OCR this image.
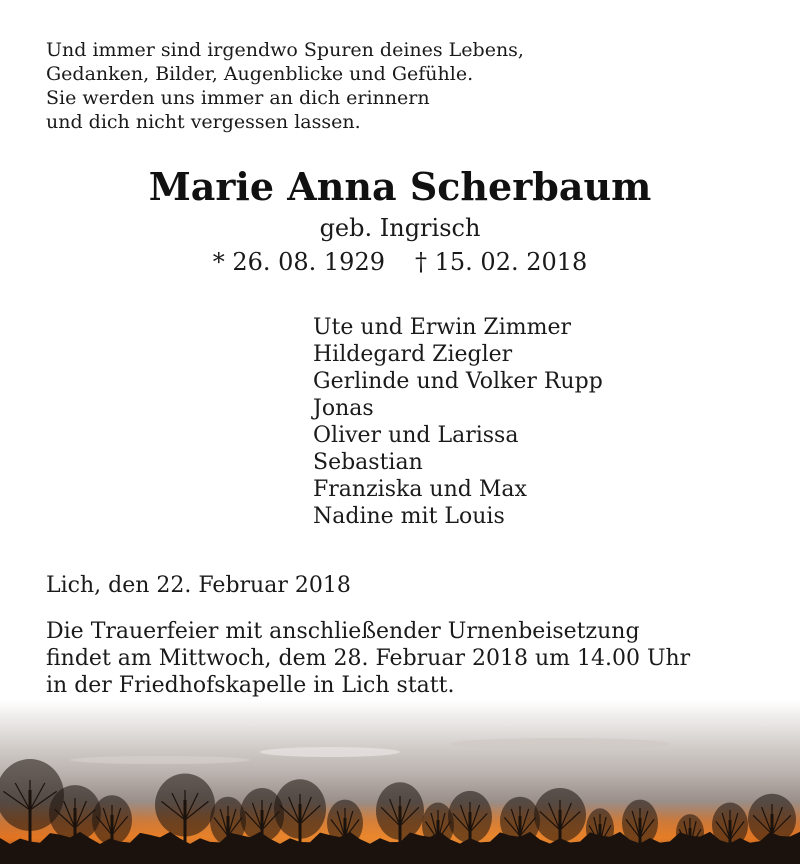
Und immer sind irgendwo Spuren deines Lebens,
Gedanken, Bilder, Augenblicke und Gefühle.
Sie werden uns immer an dich erinnern
und dich nicht vergessen lassen.
Marie Anna Scherbaum
geb. Ingrisch
* 26. 08. 1929 † 15. 02. 2018
Ute und Erwin Zimmer
Hildegard Ziegler
Gerlinde und Volker Rupp
Jonas
Oliver und Larissa
Sebastian
Franziska und Max
Nadine mit Louis
Lich, den 22. Februar 2018
Die Trauerfeier mit anschließender Urnenbeisetzung
findet am Mittwoch, dem 28. Februar 2018 um 14.00 Uhr
in der Friedhofskapelle in Lich statt.
